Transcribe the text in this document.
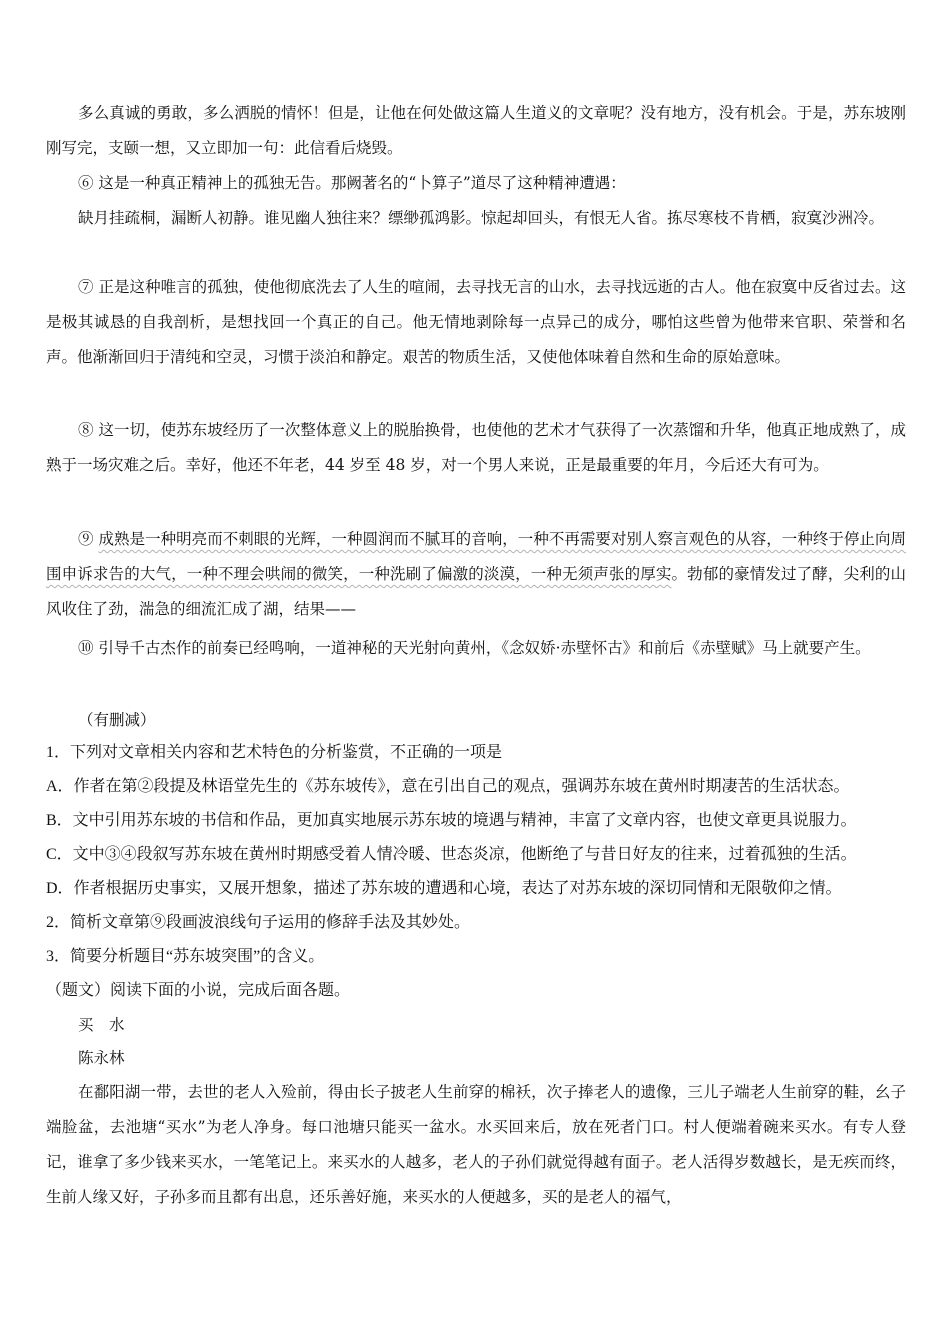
多么真诚的勇敢，多么洒脱的情怀！但是，让他在何处做这篇人生道义的文章呢？没有地方，没有机会。于是，苏东坡刚刚写完，支颐一想，又立即加一句：此信看后烧毁。
⑥ 这是一种真正精神上的孤独无告。那阙著名的“卜算子”道尽了这种精神遭遇：
缺月挂疏桐，漏断人初静。谁见幽人独往来？缥缈孤鸿影。惊起却回头，有恨无人省。拣尽寒枝不肯栖，寂寞沙洲冷。
⑦ 正是这种唯言的孤独，使他彻底洗去了人生的喧闹，去寻找无言的山水，去寻找远逝的古人。他在寂寞中反省过去。这是极其诚恳的自我剖析，是想找回一个真正的自己。他无情地剥除每一点异己的成分，哪怕这些曾为他带来官职、荣誉和名声。他渐渐回归于清纯和空灵，习惯于淡泊和静定。艰苦的物质生活，又使他体味着自然和生命的原始意味。
⑧ 这一切，使苏东坡经历了一次整体意义上的脱胎换骨，也使他的艺术才气获得了一次蒸馏和升华，他真正地成熟了，成熟于一场灾难之后。幸好，他还不年老，44 岁至 48 岁，对一个男人来说，正是最重要的年月，今后还大有可为。
⑨ 成熟是一种明亮而不刺眼的光辉，一种圆润而不腻耳的音响，一种不再需要对别人察言观色的从容，一种终于停止向周围申诉求告的大气，一种不理会哄闹的微笑，一种洗刷了偏激的淡漠，一种无须声张的厚实。勃郁的豪情发过了酵，尖利的山风收住了劲，湍急的细流汇成了湖，结果——
⑩ 引导千古杰作的前奏已经鸣响，一道神秘的天光射向黄州，《念奴娇·赤壁怀古》和前后《赤壁赋》马上就要产生。
（有删减）
1．下列对文章相关内容和艺术特色的分析鉴赏，不正确的一项是
A．作者在第②段提及林语堂先生的《苏东坡传》，意在引出自己的观点，强调苏东坡在黄州时期凄苦的生活状态。
B．文中引用苏东坡的书信和作品，更加真实地展示苏东坡的境遇与精神，丰富了文章内容，也使文章更具说服力。
C．文中③④段叙写苏东坡在黄州时期感受着人情冷暖、世态炎凉，他断绝了与昔日好友的往来，过着孤独的生活。
D．作者根据历史事实，又展开想象，描述了苏东坡的遭遇和心境，表达了对苏东坡的深切同情和无限敬仰之情。
2．简析文章第⑨段画波浪线句子运用的修辞手法及其妙处。
3．简要分析题目“苏东坡突围”的含义。
（题文）阅读下面的小说，完成后面各题。
买　水
陈永林
在鄱阳湖一带，去世的老人入殓前，得由长子披老人生前穿的棉袄，次子捧老人的遗像，三儿子端老人生前穿的鞋，幺子端脸盆，去池塘“买水”为老人净身。每口池塘只能买一盆水。水买回来后，放在死者门口。村人便端着碗来买水。有专人登记，谁拿了多少钱来买水，一笔笔记上。来买水的人越多，老人的子孙们就觉得越有面子。老人活得岁数越长，是无疾而终，生前人缘又好，子孙多而且都有出息，还乐善好施，来买水的人便越多，买的是老人的福气，
